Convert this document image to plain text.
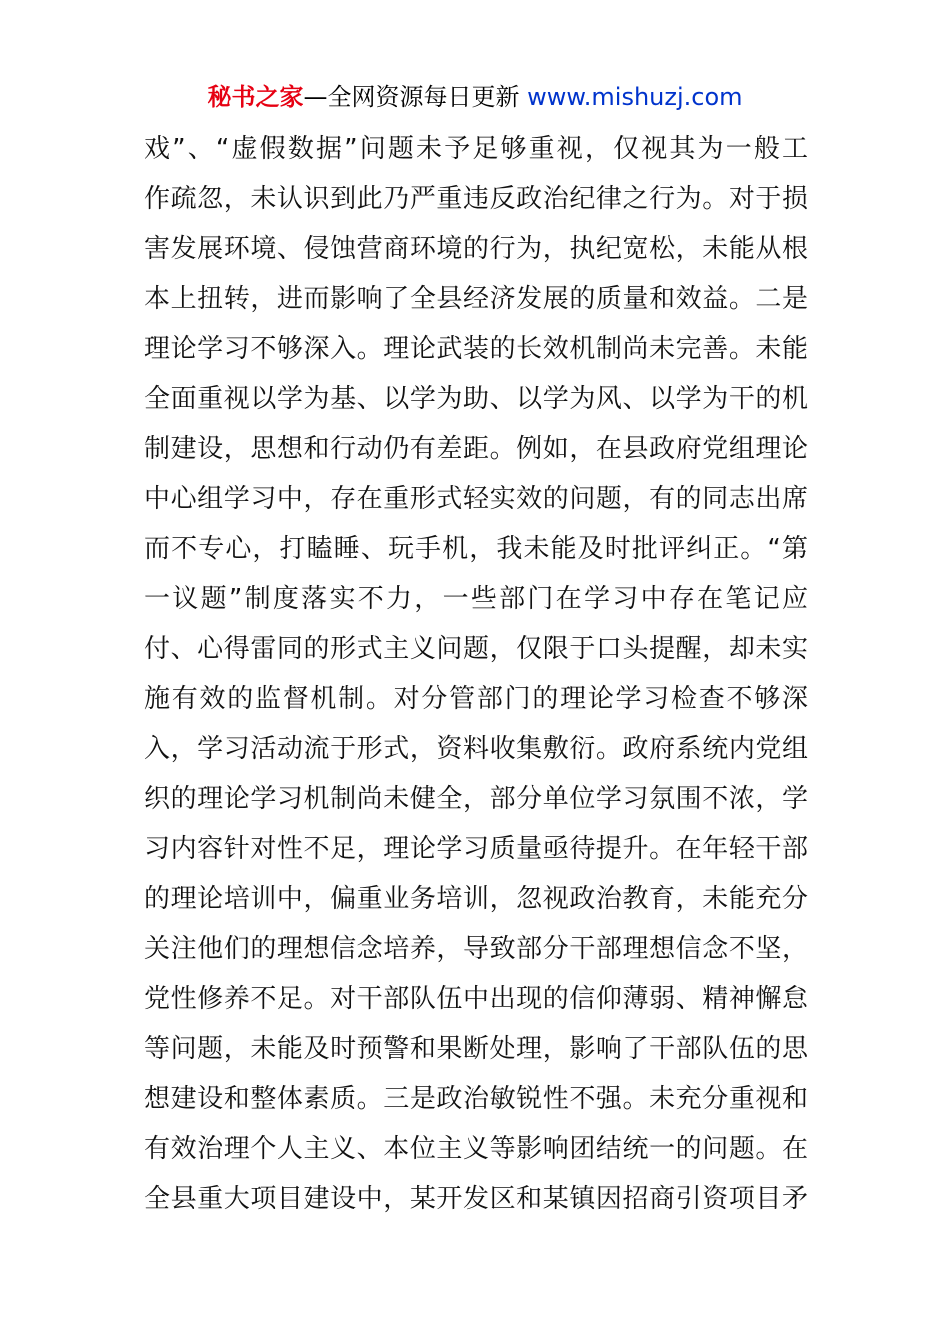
秘书之家—全网资源每日更新 www.mishuzj.com
戏”、“虚假数据”问题未予足够重视，仅视其为一般工
作疏忽，未认识到此乃严重违反政治纪律之行为。对于损
害发展环境、侵蚀营商环境的行为，执纪宽松，未能从根
本上扭转，进而影响了全县经济发展的质量和效益。二是
理论学习不够深入。理论武装的长效机制尚未完善。未能
全面重视以学为基、以学为助、以学为风、以学为干的机
制建设，思想和行动仍有差距。例如，在县政府党组理论
中心组学习中，存在重形式轻实效的问题，有的同志出席
而不专心，打瞌睡、玩手机，我未能及时批评纠正。“第
一议题”制度落实不力，一些部门在学习中存在笔记应
付、心得雷同的形式主义问题，仅限于口头提醒，却未实
施有效的监督机制。对分管部门的理论学习检查不够深
入，学习活动流于形式，资料收集敷衍。政府系统内党组
织的理论学习机制尚未健全，部分单位学习氛围不浓，学
习内容针对性不足，理论学习质量亟待提升。在年轻干部
的理论培训中，偏重业务培训，忽视政治教育，未能充分
关注他们的理想信念培养，导致部分干部理想信念不坚，
党性修养不足。对干部队伍中出现的信仰薄弱、精神懈怠
等问题，未能及时预警和果断处理，影响了干部队伍的思
想建设和整体素质。三是政治敏锐性不强。未充分重视和
有效治理个人主义、本位主义等影响团结统一的问题。在
全县重大项目建设中，某开发区和某镇因招商引资项目矛
